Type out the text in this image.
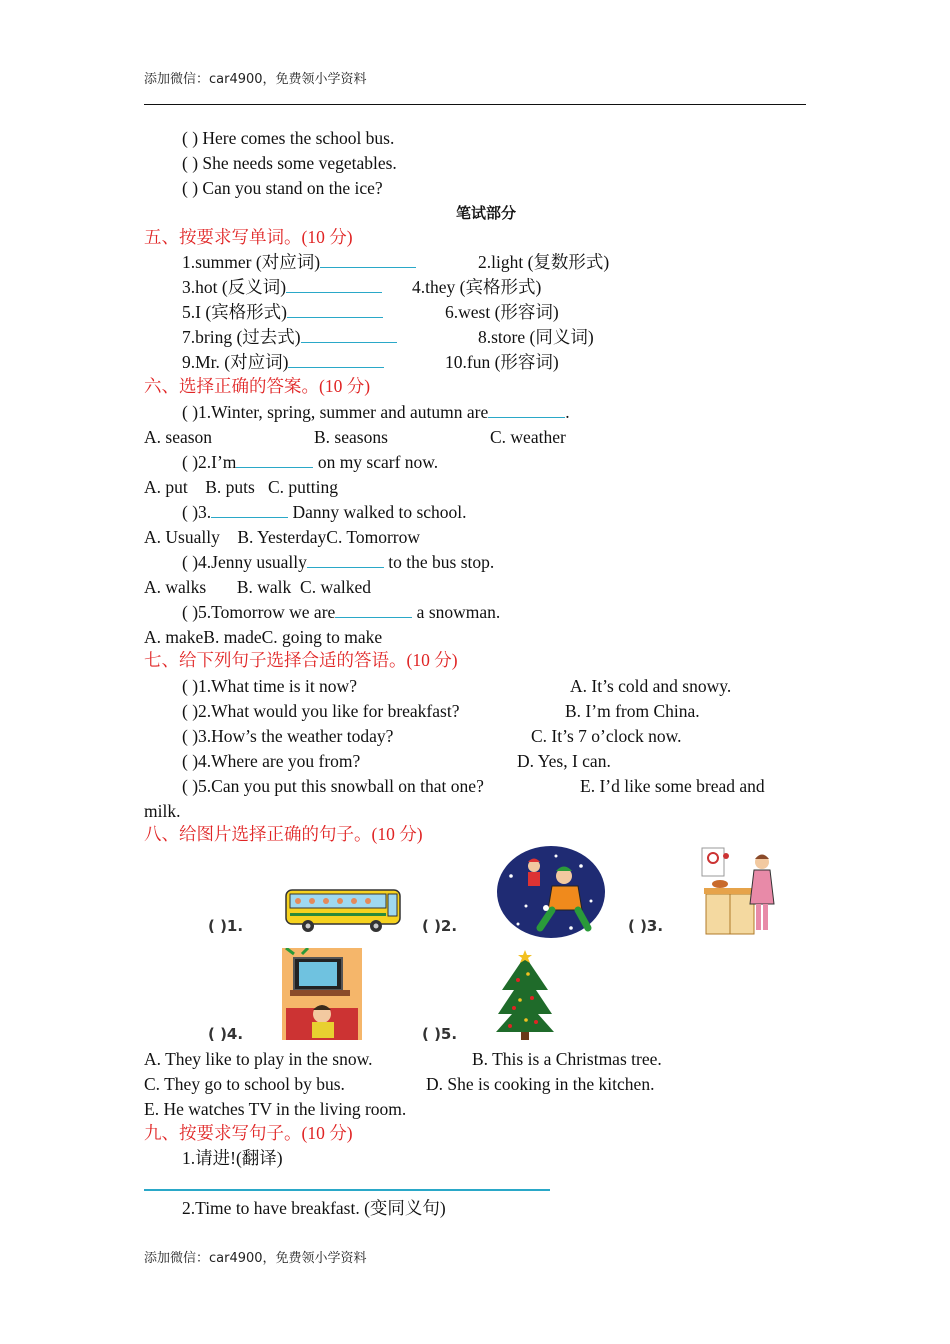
添加微信：car4900，免费领小学资料
( ) Here comes the school bus.
( ) She needs some vegetables.
( ) Can you stand on the ice?
笔试部分
五、按要求写单词。(10 分)
1.summer (对应词)	2.light (复数形式)
3.hot (反义词)	4.they (宾格形式)
5.I (宾格形式)	6.west (形容词)
7.bring (过去式)	8.store (同义词)
9.Mr. (对应词)	10.fun (形容词)
六、选择正确的答案。(10 分)
( )1.Winter, spring, summer and autumn are	.
A. season	B. seasons	C. weather
( )2.I’m	on my scarf now.
A. put    B. puts   C. putting
( )3.	Danny walked to school.
A. Usually    B. YesterdayC. Tomorrow
( )4.Jenny usually	to the bus stop.
A. walks       B. walk  C. walked
( )5.Tomorrow we are	a snowman.
A. makeB. madeC. going to make
七、给下列句子选择合适的答语。(10 分)
( )1.What time is it now?	A. It’s cold and snowy.
( )2.What would you like for breakfast?	B. I’m from China.
( )3.How’s the weather today?	C. It’s 7 o’clock now.
( )4.Where are you from?	D. Yes, I can.
( )5.Can you put this snowball on that one?	E. I’d like some bread and
milk.
八、给图片选择正确的句子。(10 分)
( )1.	( )2.	( )3.
( )4.	( )5.
A. They like to play in the snow.	B. This is a Christmas tree.
C. They go to school by bus.	D. She is cooking in the kitchen.
E. He watches TV in the living room.
九、按要求写句子。(10 分)
1.请进!(翻译)
2.Time to have breakfast. (变同义句)
添加微信：car4900，免费领小学资料
